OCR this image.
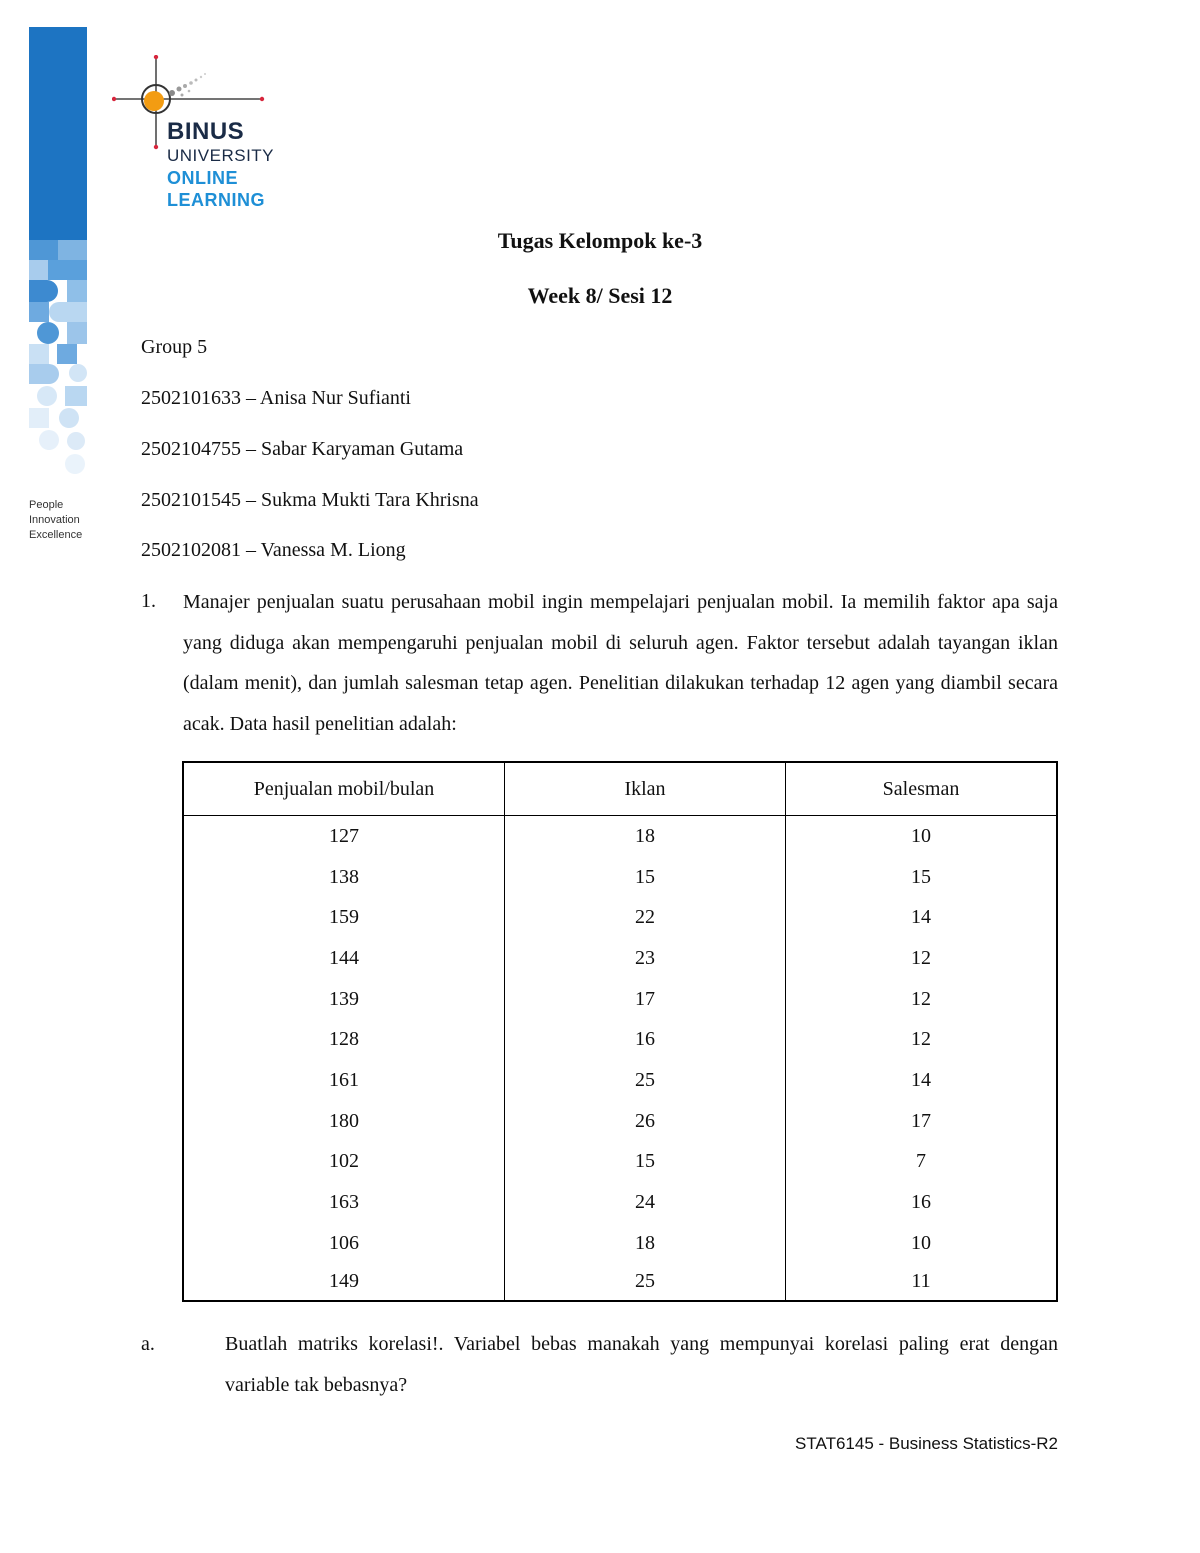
People
Innovation
Excellence
BINUS
UNIVERSITY
ONLINE
LEARNING
Tugas Kelompok ke-3
Week 8/ Sesi 12
Group 5
2502101633 – Anisa Nur Sufianti
2502104755 – Sabar Karyaman Gutama
2502101545 – Sukma Mukti Tara Khrisna
2502102081 – Vanessa M. Liong
1. Manajer penjualan suatu perusahaan mobil ingin mempelajari penjualan mobil. Ia memilih faktor apa saja yang diduga akan mempengaruhi penjualan mobil di seluruh agen. Faktor tersebut adalah tayangan iklan (dalam menit), dan jumlah salesman tetap agen. Penelitian dilakukan terhadap 12 agen yang diambil secara acak. Data hasil penelitian adalah:
Penjualan mobil/bulan	Iklan	Salesman
127	18	10
138	15	15
159	22	14
144	23	12
139	17	12
128	16	12
161	25	14
180	26	17
102	15	7
163	24	16
106	18	10
149	25	11
a.	Buatlah matriks korelasi!. Variabel bebas manakah yang mempunyai korelasi paling erat dengan variable tak bebasnya?
STAT6145 - Business Statistics-R2
